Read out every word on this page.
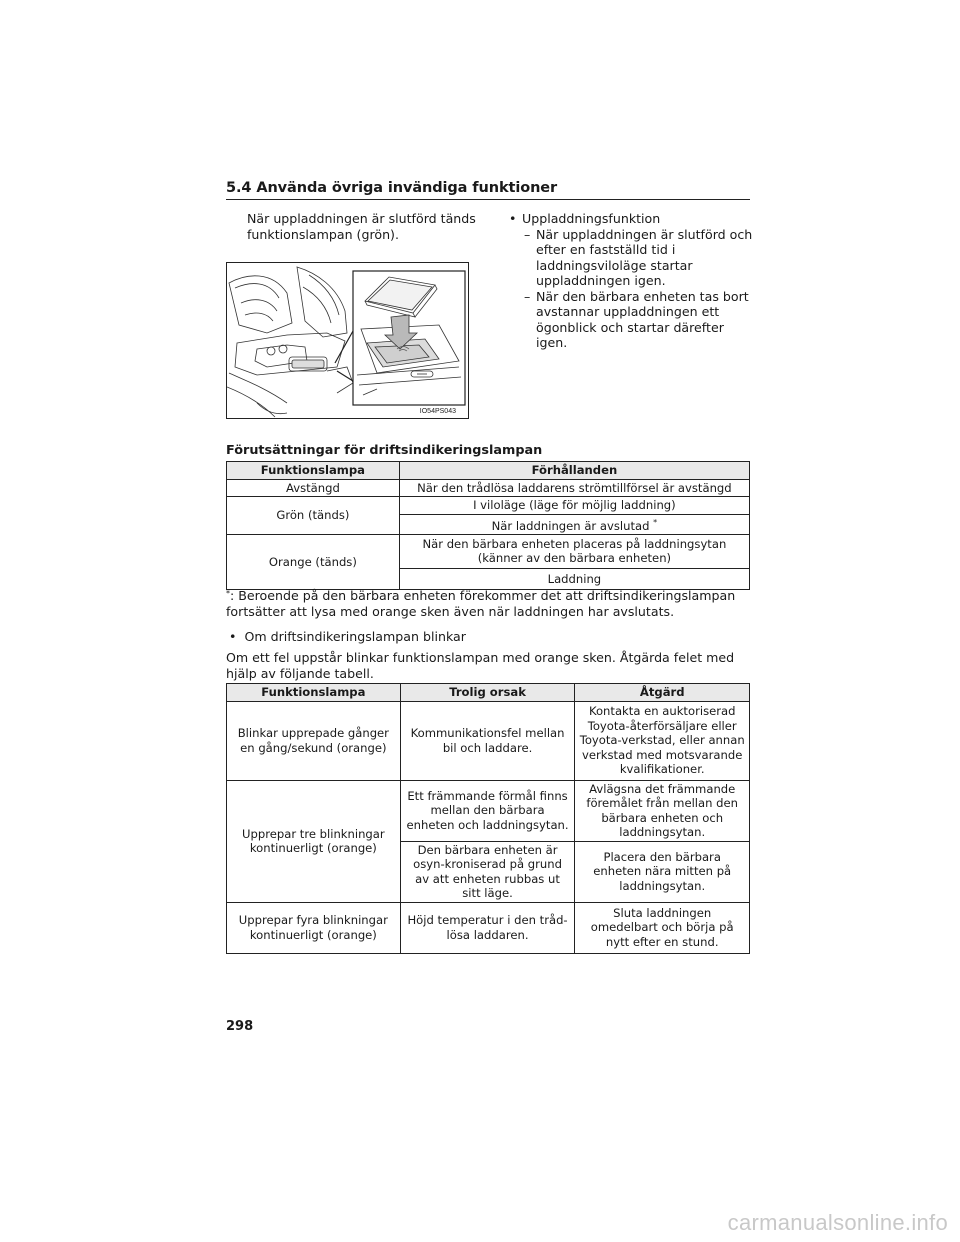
5.4 Använda övriga invändiga funktioner
När uppladdningen är slutförd tänds funktionslampan (grön).
• Uppladdningsfunktion
– När uppladdningen är slutförd och efter en fastställd tid i laddningsviloläge startar uppladdningen igen.
– När den bärbara enheten tas bort avstannar uppladdningen ett ögonblick och startar därefter igen.
IO54PS043
Förutsättningar för driftsindikeringslampan
Funktionslampa	Förhållanden
Avstängd	När den trådlösa laddarens strömtillförsel är avstängd
Grön (tänds)	I viloläge (läge för möjlig laddning)
	När laddningen är avslutad *
Orange (tänds)	När den bärbara enheten placeras på laddningsytan (känner av den bärbara enheten)
	Laddning
*: Beroende på den bärbara enheten förekommer det att driftsindikeringslampan fortsätter att lysa med orange sken även när laddningen har avslutats.
• Om driftsindikeringslampan blinkar
Om ett fel uppstår blinkar funktionslampan med orange sken. Åtgärda felet med hjälp av följande tabell.
Funktionslampa	Trolig orsak	Åtgärd
Blinkar upprepade gånger en gång/sekund (orange)	Kommunikationsfel mellan bil och laddare.	Kontakta en auktoriserad Toyota-återförsäljare eller Toyota-verkstad, eller annan verkstad med motsvarande kvalifikationer.
Upprepar tre blinkningar kontinuerligt (orange)	Ett främmande förmål finns mellan den bärbara enheten och laddningsytan.	Avlägsna det främmande föremålet från mellan den bärbara enheten och laddningsytan.
	Den bärbara enheten är osyn-kroniserad på grund av att enheten rubbas ut sitt läge.	Placera den bärbara enheten nära mitten på laddningsytan.
Upprepar fyra blinkningar kontinuerligt (orange)	Höjd temperatur i den tråd-lösa laddaren.	Sluta laddningen omedelbart och börja på nytt efter en stund.
298
carmanualsonline.info
